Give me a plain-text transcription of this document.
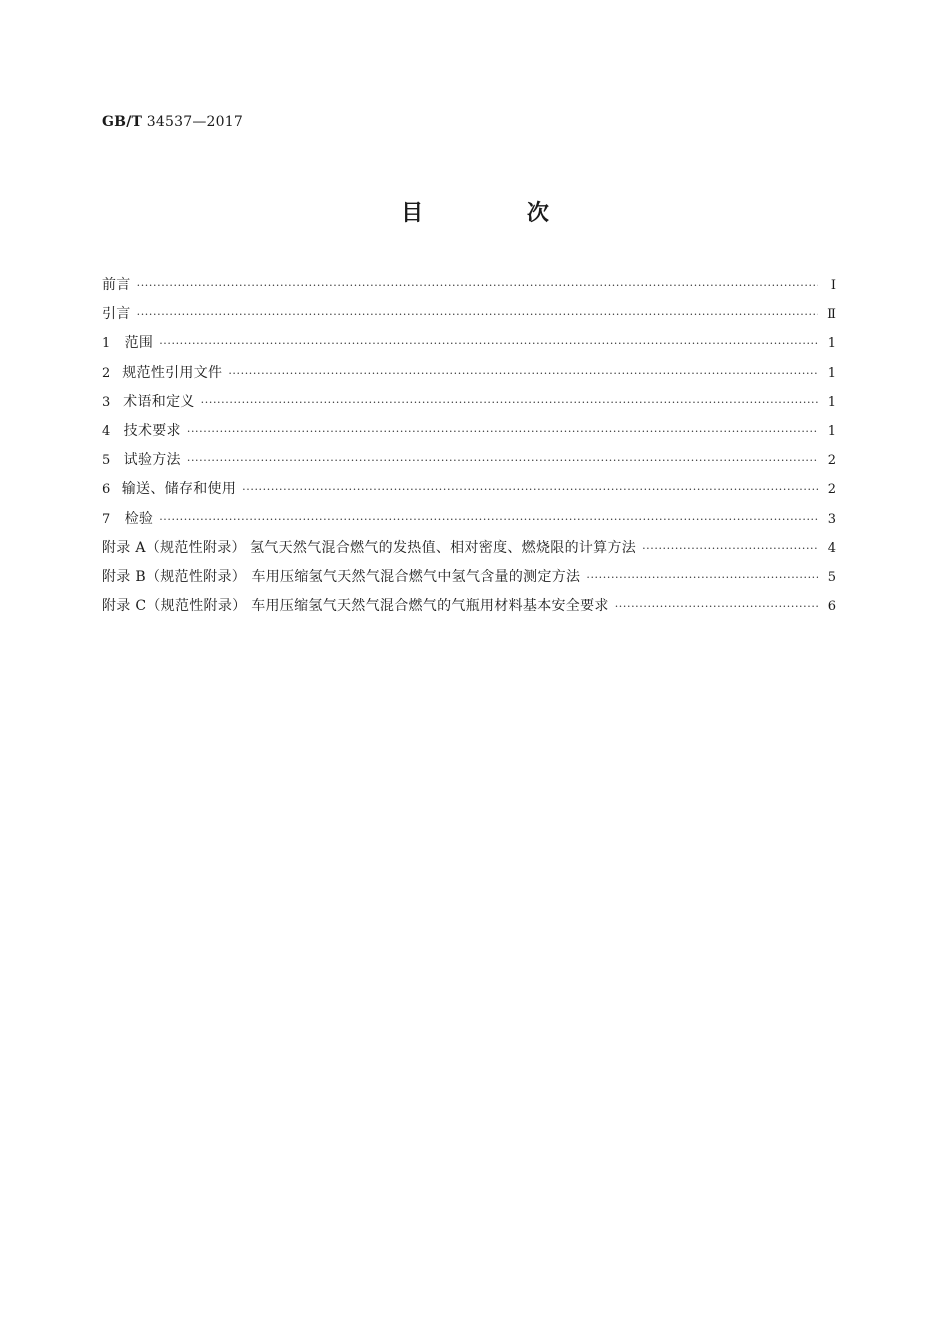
GB/T 34537—2017
目 次
前言 ·····	Ⅰ
引言 ·····	Ⅱ
1	范围 ·····	1
2 规范性引用文件 ·····	1
3 术语和定义 ·····	1
4 技术要求 ·····	1
5 试验方法 ·····	2
6 输送、储存和使用 ·····	2
7	检验 ·····	3
附录 A（规范性附录） 氢气天然气混合燃气的发热值、相对密度、燃烧限的计算方法 ·····	4
附录 B（规范性附录） 车用压缩氢气天然气混合燃气中氢气含量的测定方法 ·····	5
附录 C（规范性附录） 车用压缩氢气天然气混合燃气的气瓶用材料基本安全要求 ·····	6
